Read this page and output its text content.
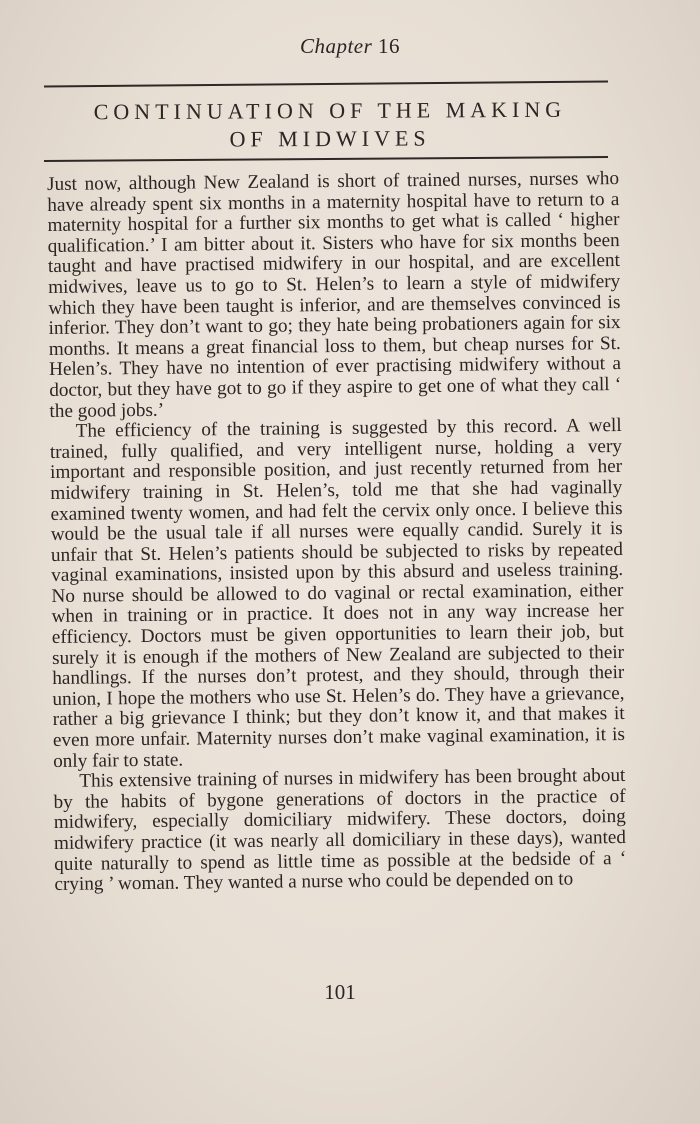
Chapter 16
CONTINUATION OF THE MAKING
OF MIDWIVES

Just now, although New Zealand is short of trained nurses, nurses who have already spent six months in a maternity hospital have to return to a maternity hospital for a further six months to get what is called ‘ higher qualification.’ I am bitter about it. Sisters who have for six months been taught and have practised midwifery in our hospital, and are excellent midwives, leave us to go to St. Helen’s to learn a style of midwifery which they have been taught is inferior, and are themselves convinced is inferior. They don’t want to go; they hate being probationers again for six months. It means a great financial loss to them, but cheap nurses for St. Helen’s. They have no intention of ever practising midwifery without a doctor, but they have got to go if they aspire to get one of what they call ‘ the good jobs.’

The efficiency of the training is suggested by this record. A well trained, fully qualified, and very intelligent nurse, holding a very important and responsible position, and just recently returned from her midwifery training in St. Helen’s, told me that she had vaginally examined twenty women, and had felt the cervix only once. I believe this would be the usual tale if all nurses were equally candid. Surely it is unfair that St. Helen’s patients should be subjected to risks by repeated vaginal examinations, insisted upon by this absurd and useless training. No nurse should be allowed to do vaginal or rectal examination, either when in training or in practice. It does not in any way increase her efficiency. Doctors must be given opportunities to learn their job, but surely it is enough if the mothers of New Zealand are subjected to their handlings. If the nurses don’t protest, and they should, through their union, I hope the mothers who use St. Helen’s do. They have a grievance, rather a big grievance I think; but they don’t know it, and that makes it even more unfair. Maternity nurses don’t make vaginal examination, it is only fair to state.

This extensive training of nurses in midwifery has been brought about by the habits of bygone generations of doctors in the practice of midwifery, especially domiciliary midwifery. These doctors, doing midwifery practice (it was nearly all domiciliary in these days), wanted quite naturally to spend as little time as possible at the bedside of a ‘ crying ’ woman. They wanted a nurse who could be depended on to

101
